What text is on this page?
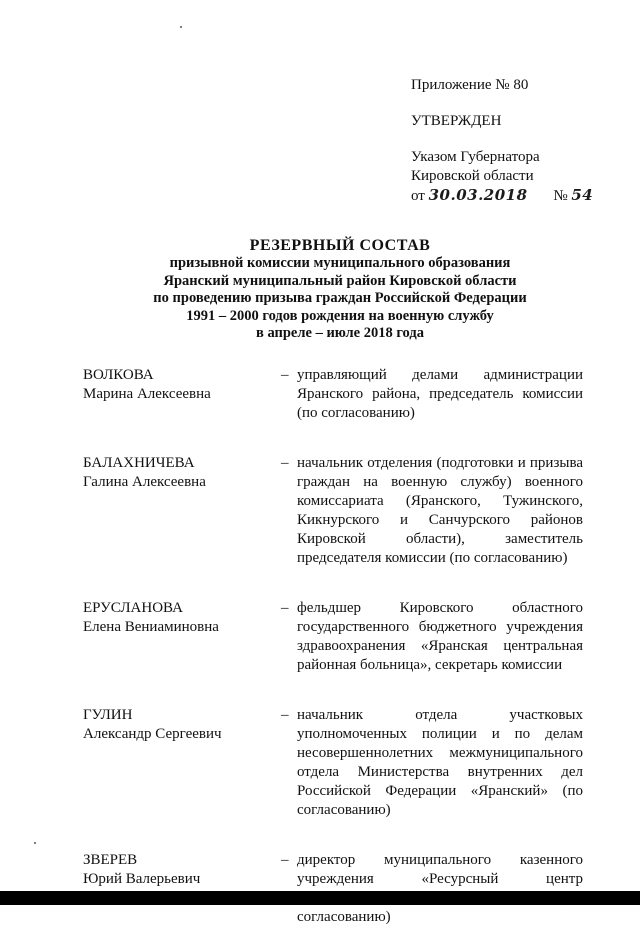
Приложение № 80
УТВЕРЖДЕН
Указом Губернатора
Кировской области
от 30.03.2018 № 54
РЕЗЕРВНЫЙ СОСТАВ
призывной комиссии муниципального образования
Яранский муниципальный район Кировской области
по проведению призыва граждан Российской Федерации
1991 – 2000 годов рождения на военную службу
в апреле – июле 2018 года
ВОЛКОВА
Марина Алексеевна
– управляющий делами администрации Яранского района, председатель комиссии (по согласованию)
БАЛАХНИЧЕВА
Галина Алексеевна
– начальник отделения (подготовки и призыва граждан на военную службу) военного комиссариата (Яранского, Тужинского, Кикнурского и Санчурского районов Кировской области), заместитель председателя комиссии (по согласованию)
ЕРУСЛАНОВА
Елена Вениаминовна
– фельдшер Кировского областного государственного бюджетного учреждения здравоохранения «Яранская центральная районная больница», секретарь комиссии
ГУЛИН
Александр Сергеевич
– начальник отдела участковых уполномоченных полиции и по делам несовершеннолетних межмуниципального отдела Министерства внутренних дел Российской Федерации «Яранский» (по согласованию)
ЗВЕРЕВ
Юрий Валерьевич
– директор муниципального казенного учреждения «Ресурсный центр согласованию)
